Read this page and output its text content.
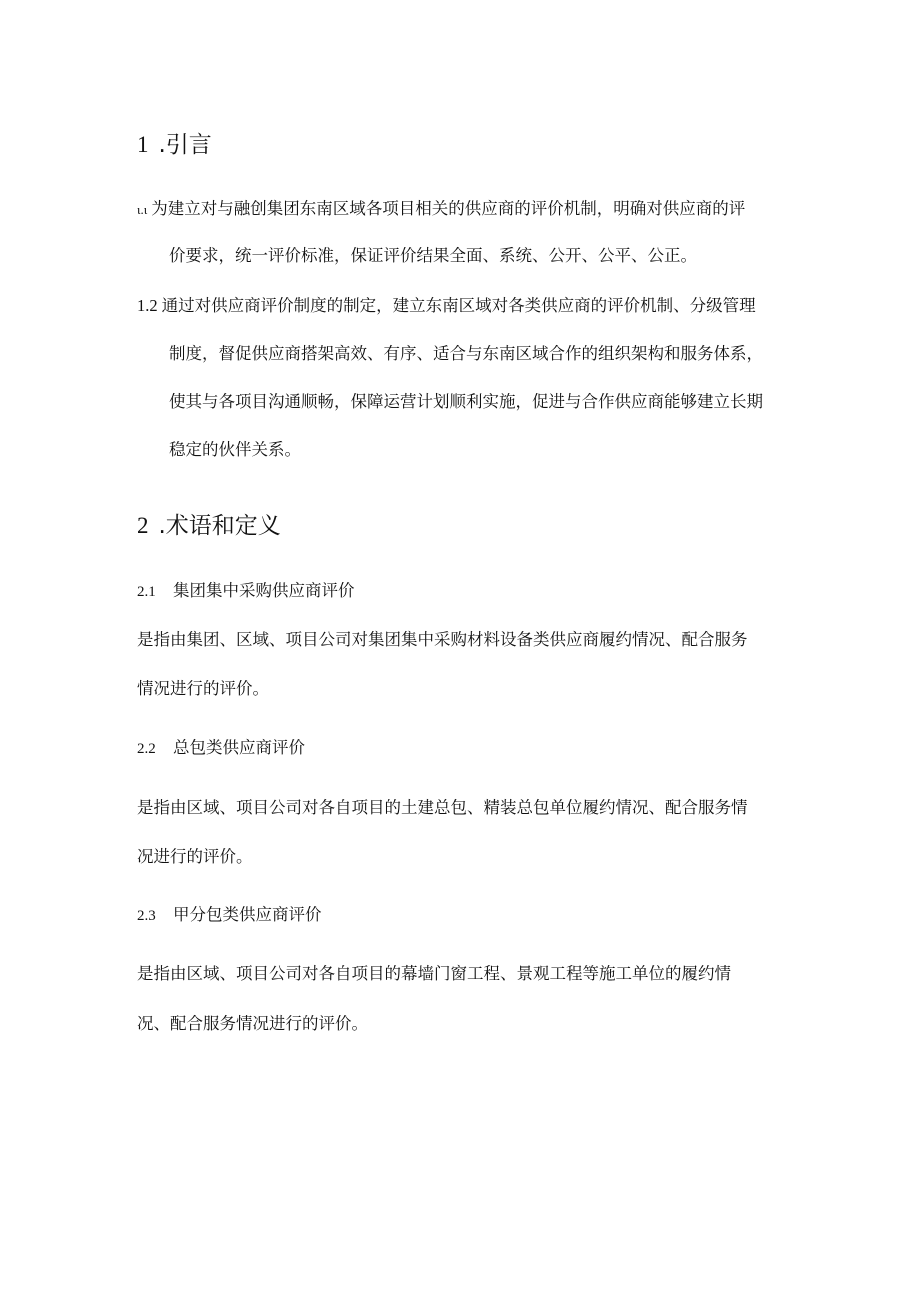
1 .引言
ι.ι 为建立对与融创集团东南区域各项目相关的供应商的评价机制，明确对供应商的评
价要求，统一评价标准，保证评价结果全面、系统、公开、公平、公正。
1.2 通过对供应商评价制度的制定，建立东南区域对各类供应商的评价机制、分级管理
制度，督促供应商搭架高效、有序、适合与东南区域合作的组织架构和服务体系，
使其与各项目沟通顺畅，保障运营计划顺利实施，促进与合作供应商能够建立长期
稳定的伙伴关系。
2 .术语和定义
2.1 集团集中采购供应商评价
是指由集团、区域、项目公司对集团集中采购材料设备类供应商履约情况、配合服务
情况进行的评价。
2.2 总包类供应商评价
是指由区域、项目公司对各自项目的土建总包、精装总包单位履约情况、配合服务情
况进行的评价。
2.3 甲分包类供应商评价
是指由区域、项目公司对各自项目的幕墙门窗工程、景观工程等施工单位的履约情
况、配合服务情况进行的评价。
